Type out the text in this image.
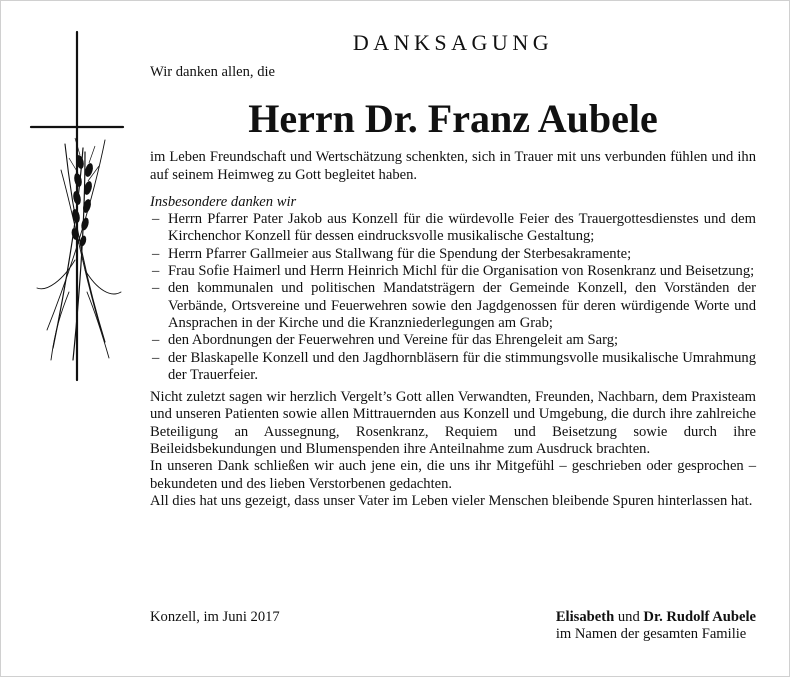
DANKSAGUNG

Wir danken allen, die

Herrn Dr. Franz Aubele

im Leben Freundschaft und Wertschätzung schenkten, sich in Trauer mit uns verbunden fühlen und ihn auf seinem Heimweg zu Gott begleitet haben.

Insbesondere danken wir

– Herrn Pfarrer Pater Jakob aus Konzell für die würdevolle Feier des Trauergottesdienstes und dem Kirchenchor Konzell für dessen eindrucksvolle musikalische Gestaltung;
– Herrn Pfarrer Gallmeier aus Stallwang für die Spendung der Sterbesakramente;
– Frau Sofie Haimerl und Herrn Heinrich Michl für die Organisation von Rosenkranz und Beisetzung;
– den kommunalen und politischen Mandatsträgern der Gemeinde Konzell, den Vorständen der Verbände, Ortsvereine und Feuerwehren sowie den Jagdgenossen für deren würdigende Worte und Ansprachen in der Kirche und die Kranzniederlegungen am Grab;
– den Abordnungen der Feuerwehren und Vereine für das Ehrengeleit am Sarg;
– der Blaskapelle Konzell und den Jagdhornbläsern für die stimmungsvolle musikalische Umrahmung der Trauerfeier.

Nicht zuletzt sagen wir herzlich Vergelt’s Gott allen Verwandten, Freunden, Nachbarn, dem Praxisteam und unseren Patienten sowie allen Mittrauernden aus Konzell und Umgebung, die durch ihre zahlreiche Beteiligung an Aussegnung, Rosenkranz, Requiem und Beisetzung sowie durch ihre Beileidsbekundungen und Blumenspenden ihre Anteilnahme zum Ausdruck brachten.

In unseren Dank schließen wir auch jene ein, die uns ihr Mitgefühl – geschrieben oder gesprochen – bekundeten und des lieben Verstorbenen gedachten.

All dies hat uns gezeigt, dass unser Vater im Leben vieler Menschen bleibende Spuren hinterlassen hat.

Konzell, im Juni 2017	Elisabeth und Dr. Rudolf Aubele
im Namen der gesamten Familie
